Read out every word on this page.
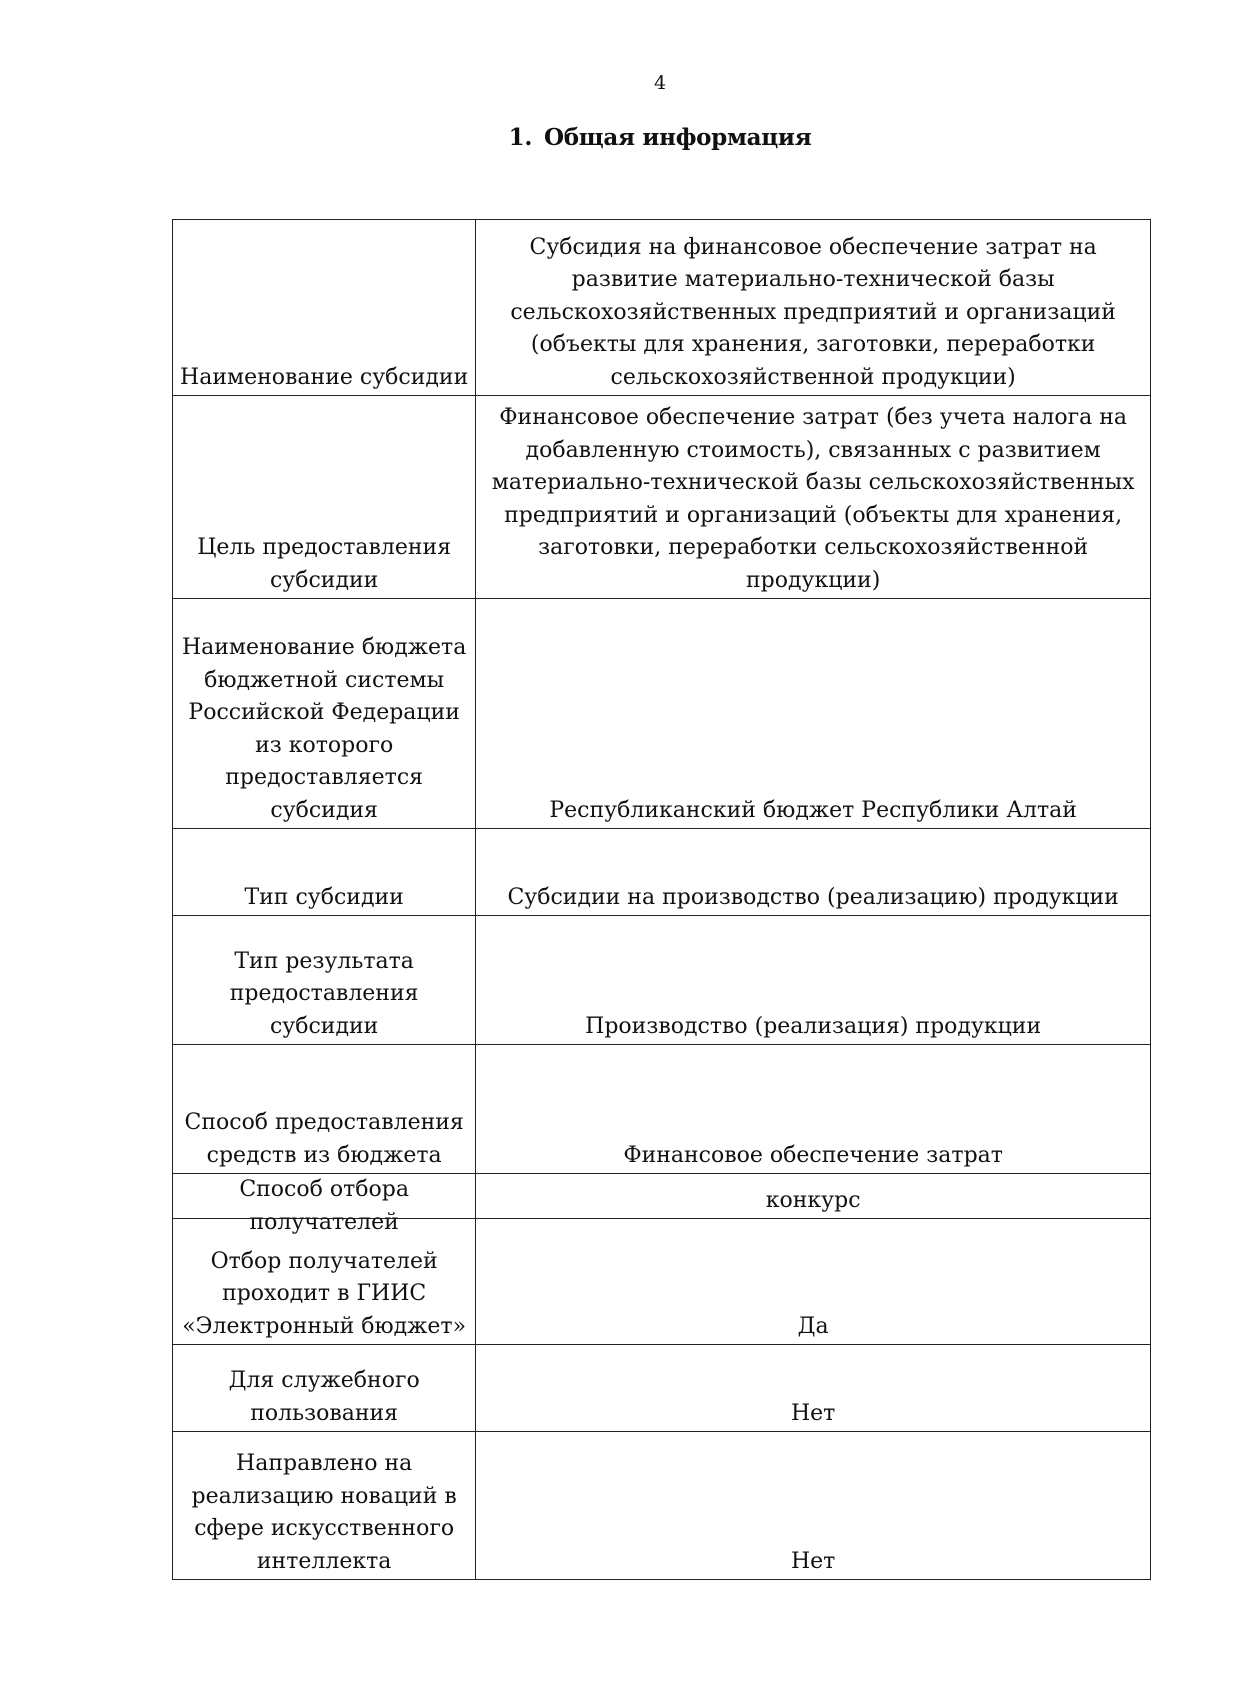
4
1. Общая информация
Наименование субсидии	Субсидия на финансовое обеспечение затрат на развитие материально-технической базы сельскохозяйственных предприятий и организаций (объекты для хранения, заготовки, переработки сельскохозяйственной продукции)
Цель предоставления субсидии	Финансовое обеспечение затрат (без учета налога на добавленную стоимость), связанных с развитием материально-технической базы сельскохозяйственных предприятий и организаций (объекты для хранения, заготовки, переработки сельскохозяйственной продукции)
Наименование бюджета бюджетной системы Российской Федерации из которого предоставляется субсидия	Республиканский бюджет Республики Алтай
Тип субсидии	Субсидии на производство (реализацию) продукции
Тип результата предоставления субсидии	Производство (реализация) продукции
Способ предоставления средств из бюджета	Финансовое обеспечение затрат

Способ отбора получателей	конкурс
Отбор получателей проходит в ГИИС «Электронный бюджет»	Да
Для служебного пользования	Нет
Направлено на реализацию новаций в сфере искусственного интеллекта	Нет
